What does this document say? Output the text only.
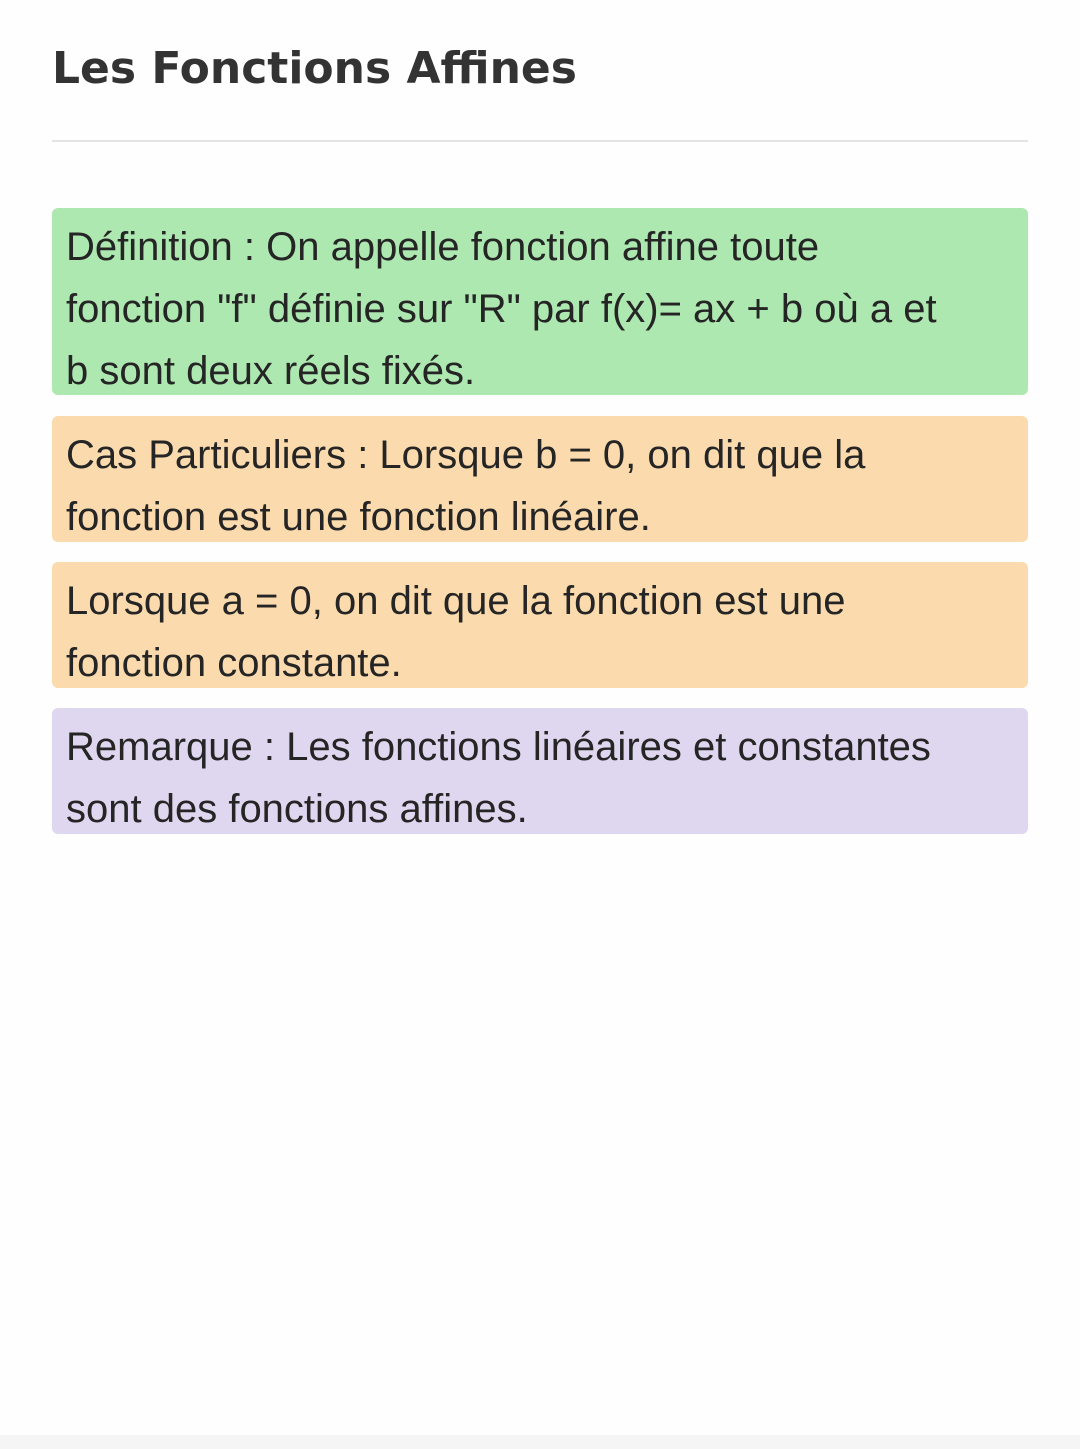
Les Fonctions Affines
Définition : On appelle fonction affine toute
fonction "f" définie sur "R" par f(x)= ax + b où a et
b sont deux réels fixés.
Cas Particuliers : Lorsque b = 0, on dit que la
fonction est une fonction linéaire.
Lorsque a = 0, on dit que la fonction est une
fonction constante.
Remarque : Les fonctions linéaires et constantes
sont des fonctions affines.
